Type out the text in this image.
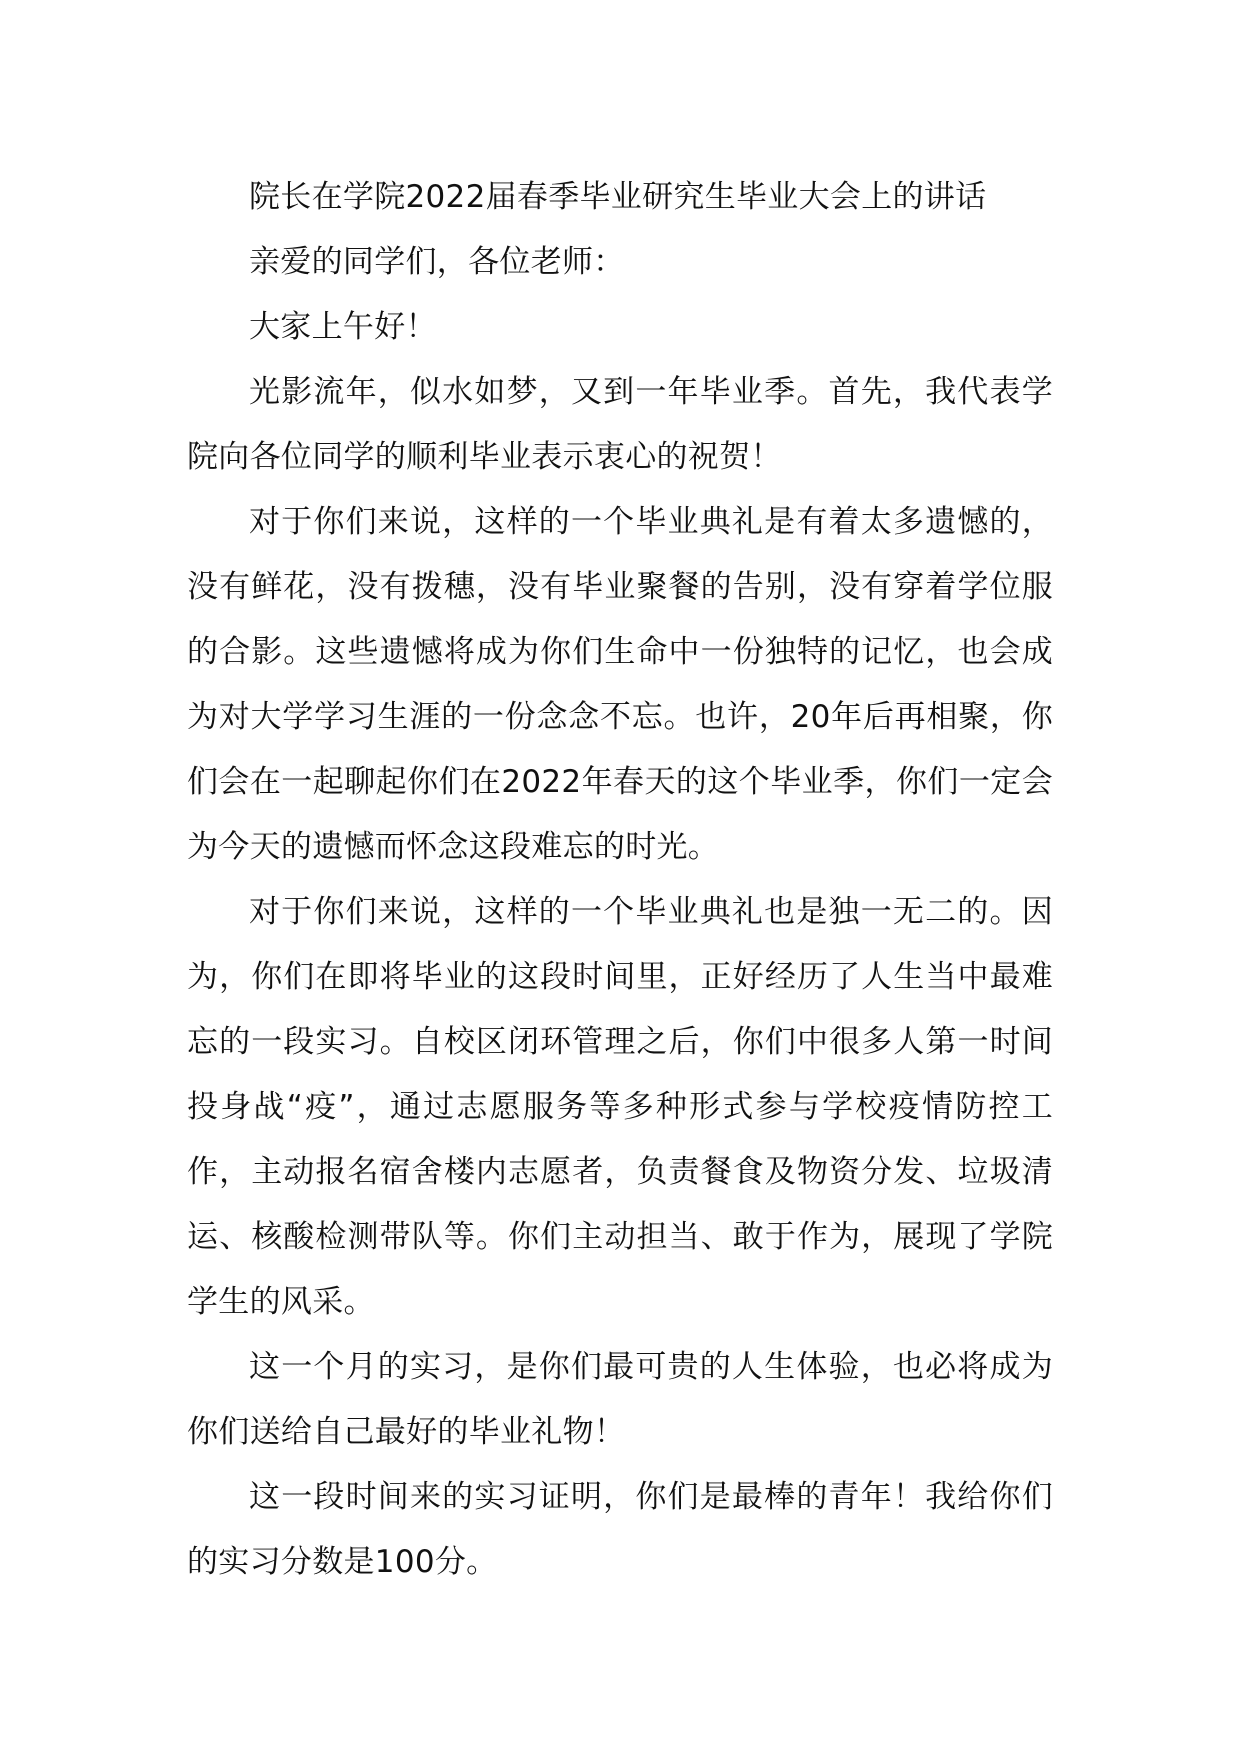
院长在学院2022届春季毕业研究生毕业大会上的讲话

亲爱的同学们，各位老师：

大家上午好！

光影流年，似水如梦，又到一年毕业季。首先，我代表学院向各位同学的顺利毕业表示衷心的祝贺！

对于你们来说，这样的一个毕业典礼是有着太多遗憾的，没有鲜花，没有拨穗，没有毕业聚餐的告别，没有穿着学位服的合影。这些遗憾将成为你们生命中一份独特的记忆，也会成为对大学学习生涯的一份念念不忘。也许，20年后再相聚，你们会在一起聊起你们在2022年春天的这个毕业季，你们一定会为今天的遗憾而怀念这段难忘的时光。

对于你们来说，这样的一个毕业典礼也是独一无二的。因为，你们在即将毕业的这段时间里，正好经历了人生当中最难忘的一段实习。自校区闭环管理之后，你们中很多人第一时间投身战“疫”，通过志愿服务等多种形式参与学校疫情防控工作，主动报名宿舍楼内志愿者，负责餐食及物资分发、垃圾清运、核酸检测带队等。你们主动担当、敢于作为，展现了学院学生的风采。

这一个月的实习，是你们最可贵的人生体验，也必将成为你们送给自己最好的毕业礼物！

这一段时间来的实习证明，你们是最棒的青年！我给你们的实习分数是100分。
